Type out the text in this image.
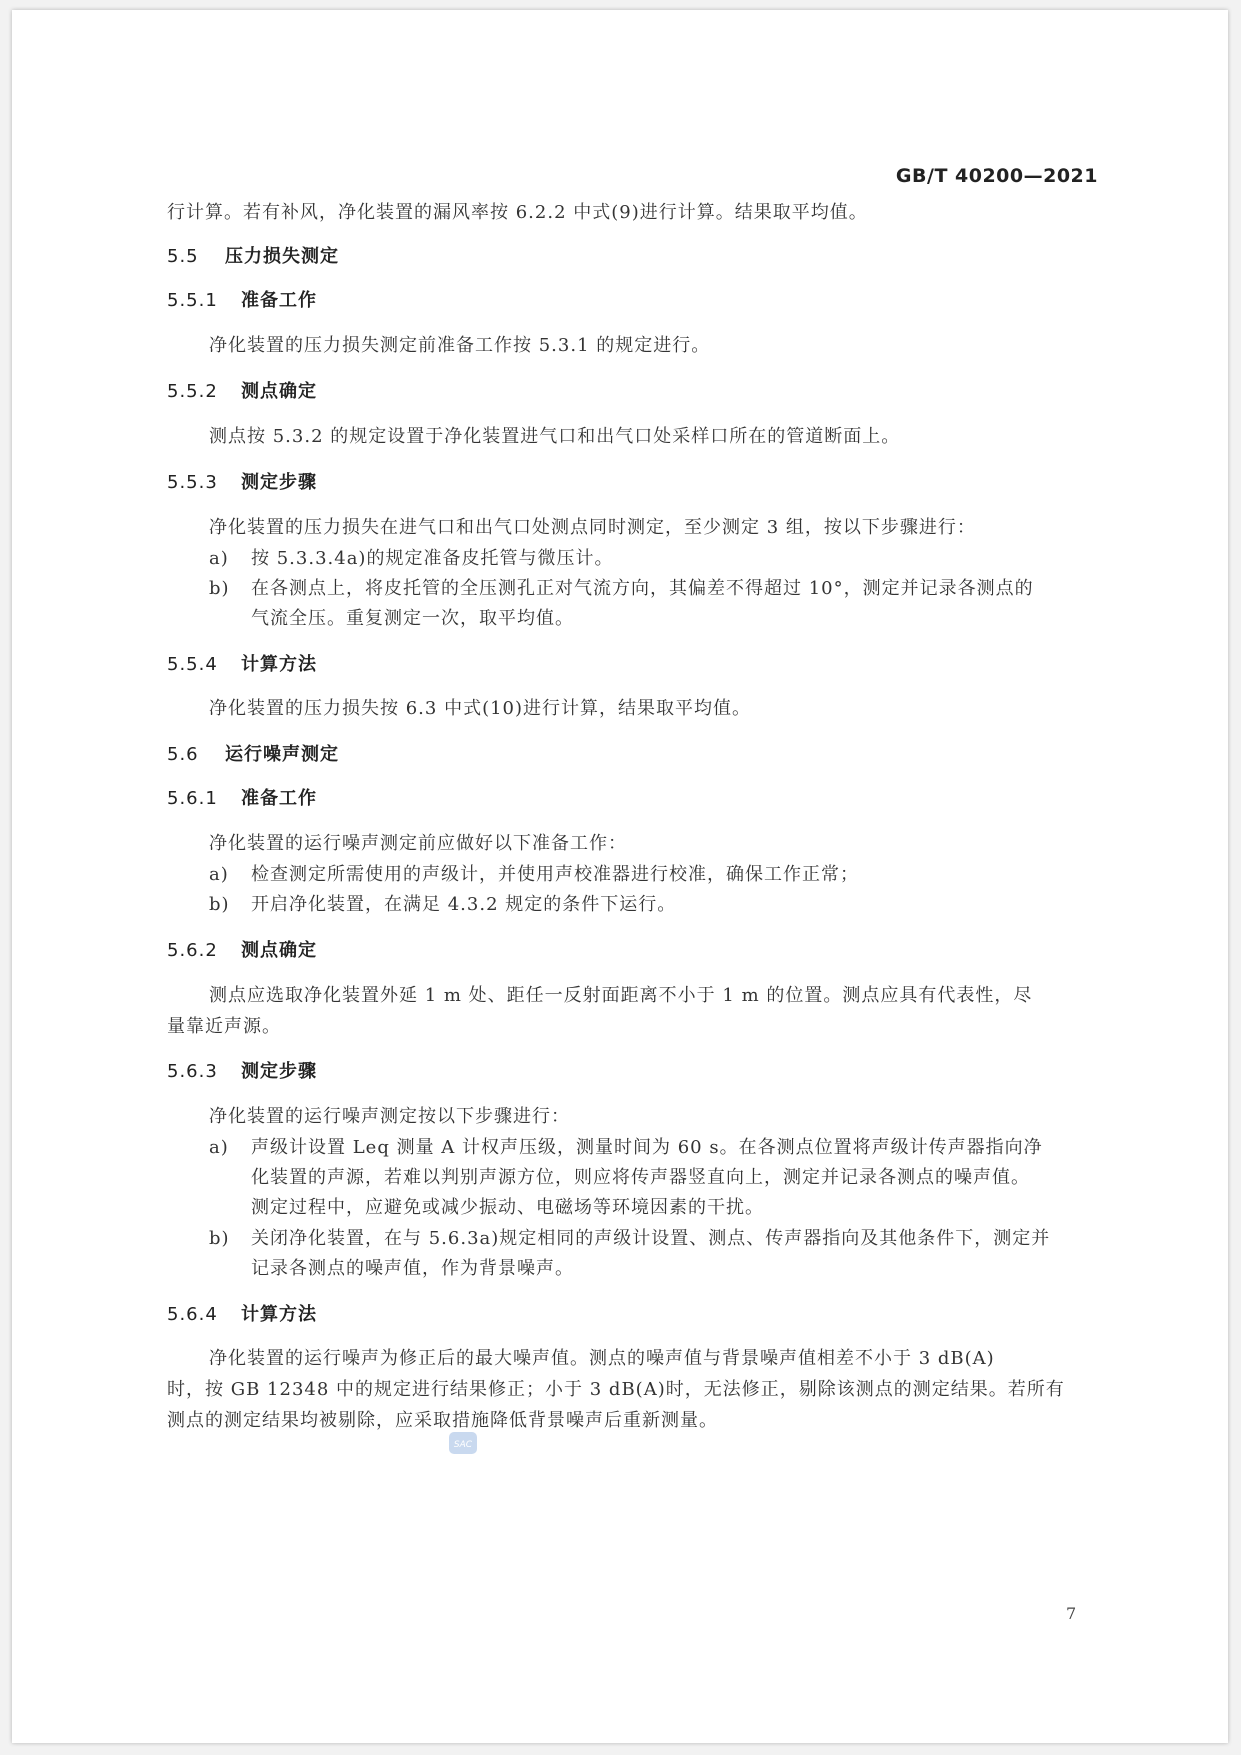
GB/T 40200—2021
行计算。若有补风，净化装置的漏风率按 6.2.2 中式(9)进行计算。结果取平均值。
5.5 压力损失测定
5.5.1 准备工作
净化装置的压力损失测定前准备工作按 5.3.1 的规定进行。
5.5.2 测点确定
测点按 5.3.2 的规定设置于净化装置进气口和出气口处采样口所在的管道断面上。
5.5.3 测定步骤
净化装置的压力损失在进气口和出气口处测点同时测定，至少测定 3 组，按以下步骤进行：
a) 按 5.3.3.4a)的规定准备皮托管与微压计。
b) 在各测点上，将皮托管的全压测孔正对气流方向，其偏差不得超过 10°，测定并记录各测点的
气流全压。重复测定一次，取平均值。
5.5.4 计算方法
净化装置的压力损失按 6.3 中式(10)进行计算，结果取平均值。
5.6 运行噪声测定
5.6.1 准备工作
净化装置的运行噪声测定前应做好以下准备工作：
a) 检查测定所需使用的声级计，并使用声校准器进行校准，确保工作正常；
b) 开启净化装置，在满足 4.3.2 规定的条件下运行。
5.6.2 测点确定
测点应选取净化装置外延 1 m 处、距任一反射面距离不小于 1 m 的位置。测点应具有代表性，尽
量靠近声源。
5.6.3 测定步骤
净化装置的运行噪声测定按以下步骤进行：
a) 声级计设置 Leq 测量 A 计权声压级，测量时间为 60 s。在各测点位置将声级计传声器指向净
化装置的声源，若难以判别声源方位，则应将传声器竖直向上，测定并记录各测点的噪声值。
测定过程中，应避免或减少振动、电磁场等环境因素的干扰。
b) 关闭净化装置，在与 5.6.3a)规定相同的声级计设置、测点、传声器指向及其他条件下，测定并
记录各测点的噪声值，作为背景噪声。
5.6.4 计算方法
净化装置的运行噪声为修正后的最大噪声值。测点的噪声值与背景噪声值相差不小于 3 dB(A)
时，按 GB 12348 中的规定进行结果修正；小于 3 dB(A)时，无法修正，剔除该测点的测定结果。若所有
测点的测定结果均被剔除，应采取措施降低背景噪声后重新测量。
SAC
7
